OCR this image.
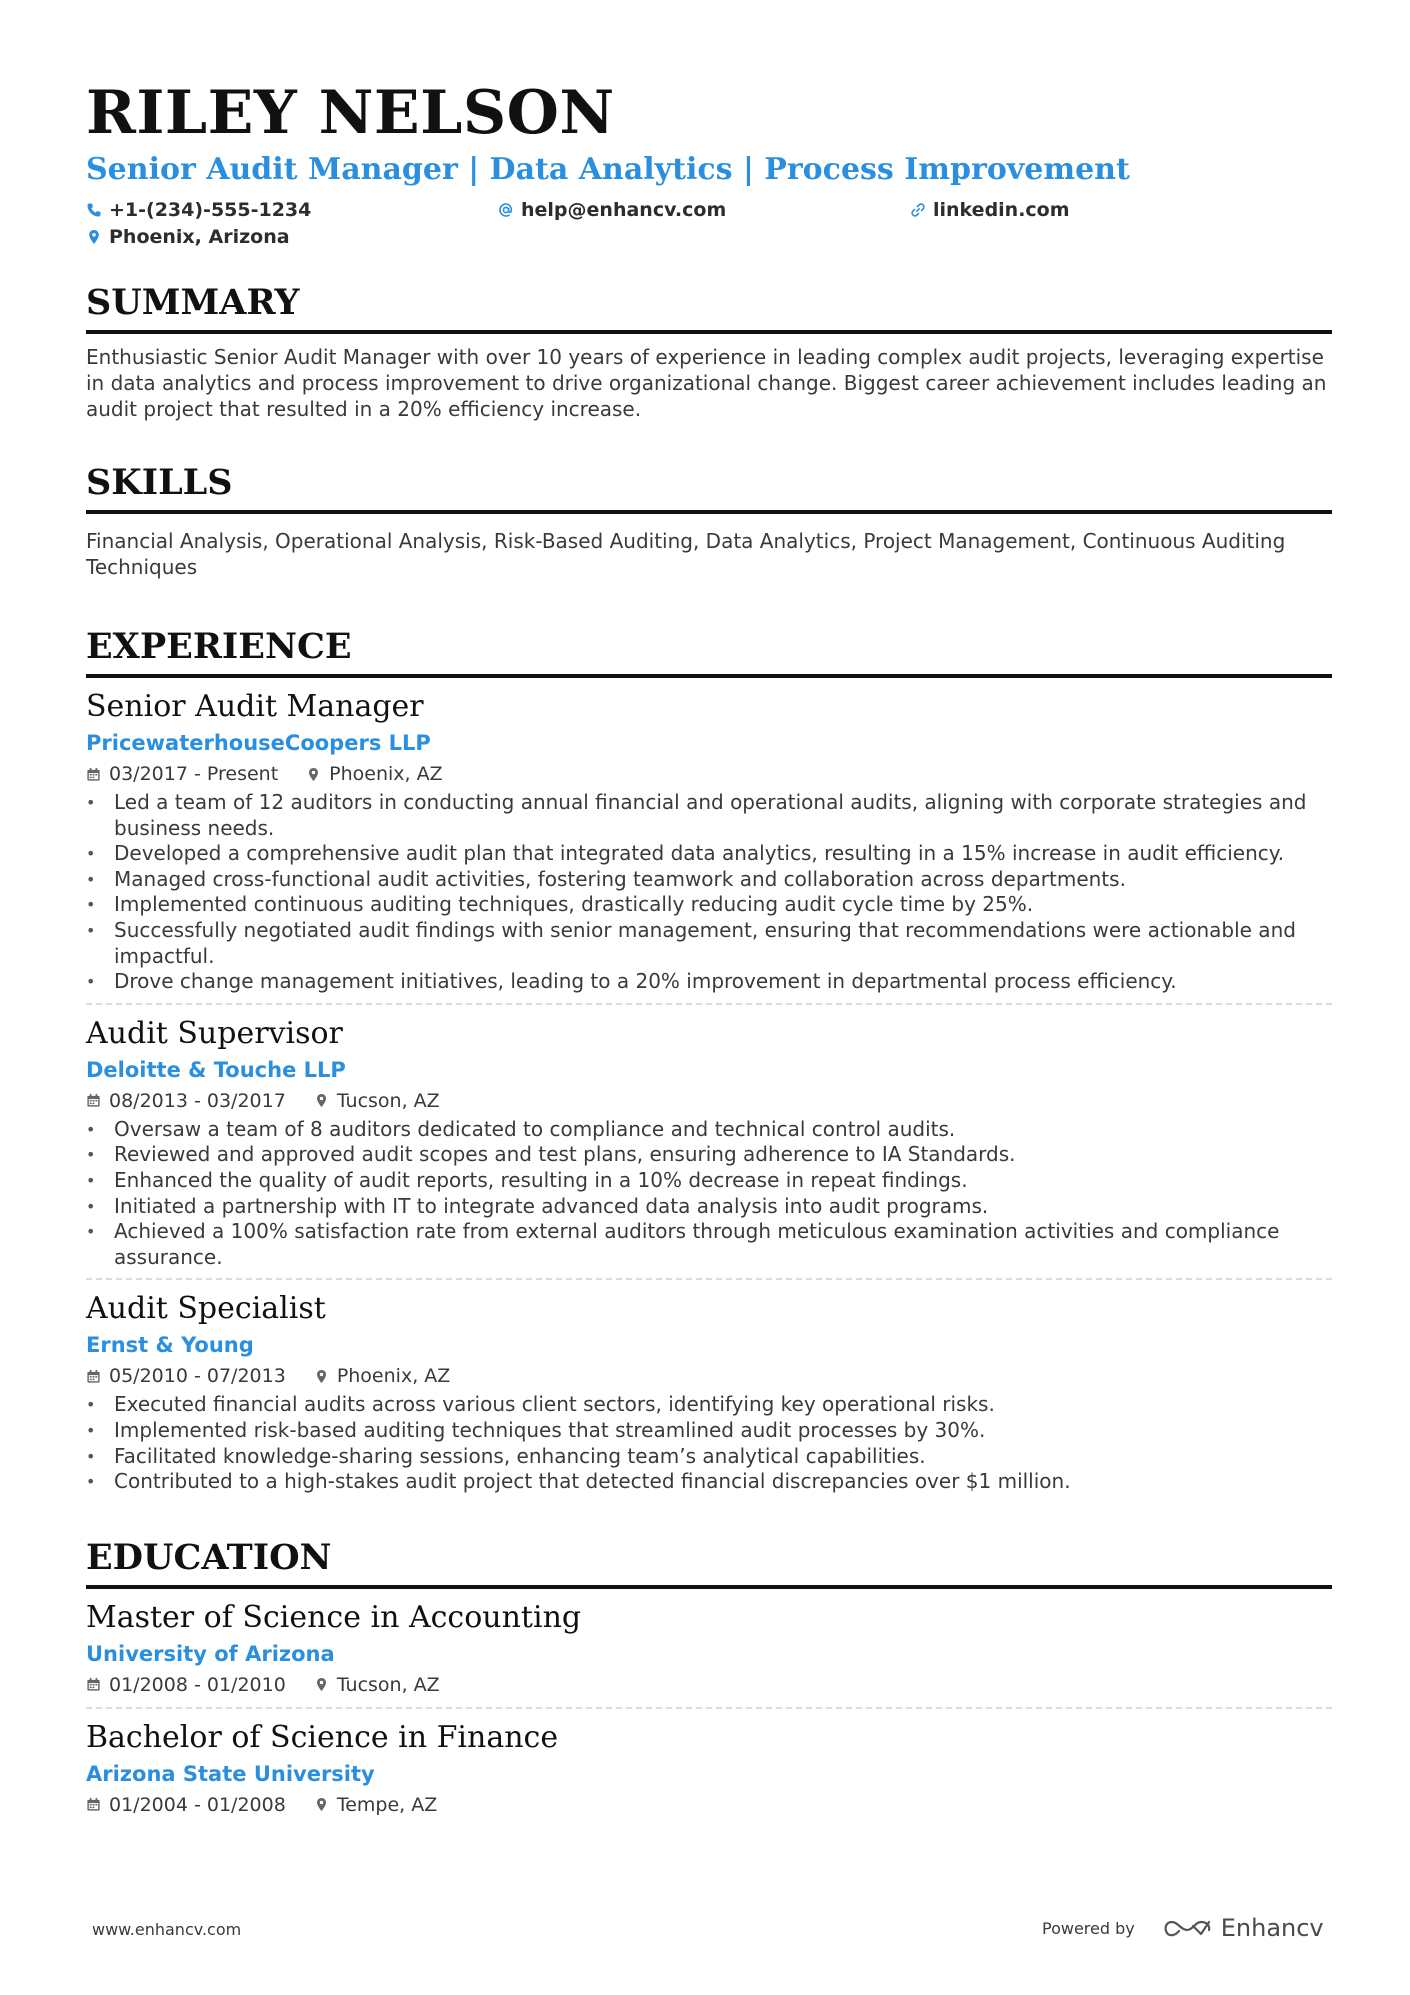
RILEY NELSON
Senior Audit Manager | Data Analytics | Process Improvement
+1-(234)-555-1234	help@enhancv.com	linkedin.com
Phoenix, Arizona
SUMMARY
Enthusiastic Senior Audit Manager with over 10 years of experience in leading complex audit projects, leveraging expertise in data analytics and process improvement to drive organizational change. Biggest career achievement includes leading an audit project that resulted in a 20% efficiency increase.
SKILLS
Financial Analysis, Operational Analysis, Risk-Based Auditing, Data Analytics, Project Management, Continuous Auditing Techniques
EXPERIENCE
Senior Audit Manager
PricewaterhouseCoopers LLP
03/2017 - Present	Phoenix, AZ
• Led a team of 12 auditors in conducting annual financial and operational audits, aligning with corporate strategies and business needs.
• Developed a comprehensive audit plan that integrated data analytics, resulting in a 15% increase in audit efficiency.
• Managed cross-functional audit activities, fostering teamwork and collaboration across departments.
• Implemented continuous auditing techniques, drastically reducing audit cycle time by 25%.
• Successfully negotiated audit findings with senior management, ensuring that recommendations were actionable and impactful.
• Drove change management initiatives, leading to a 20% improvement in departmental process efficiency.
Audit Supervisor
Deloitte & Touche LLP
08/2013 - 03/2017	Tucson, AZ
• Oversaw a team of 8 auditors dedicated to compliance and technical control audits.
• Reviewed and approved audit scopes and test plans, ensuring adherence to IA Standards.
• Enhanced the quality of audit reports, resulting in a 10% decrease in repeat findings.
• Initiated a partnership with IT to integrate advanced data analysis into audit programs.
• Achieved a 100% satisfaction rate from external auditors through meticulous examination activities and compliance assurance.
Audit Specialist
Ernst & Young
05/2010 - 07/2013	Phoenix, AZ
• Executed financial audits across various client sectors, identifying key operational risks.
• Implemented risk-based auditing techniques that streamlined audit processes by 30%.
• Facilitated knowledge-sharing sessions, enhancing team’s analytical capabilities.
• Contributed to a high-stakes audit project that detected financial discrepancies over $1 million.
EDUCATION
Master of Science in Accounting
University of Arizona
01/2008 - 01/2010	Tucson, AZ
Bachelor of Science in Finance
Arizona State University
01/2004 - 01/2008	Tempe, AZ
www.enhancv.com	Powered by	Enhancv
